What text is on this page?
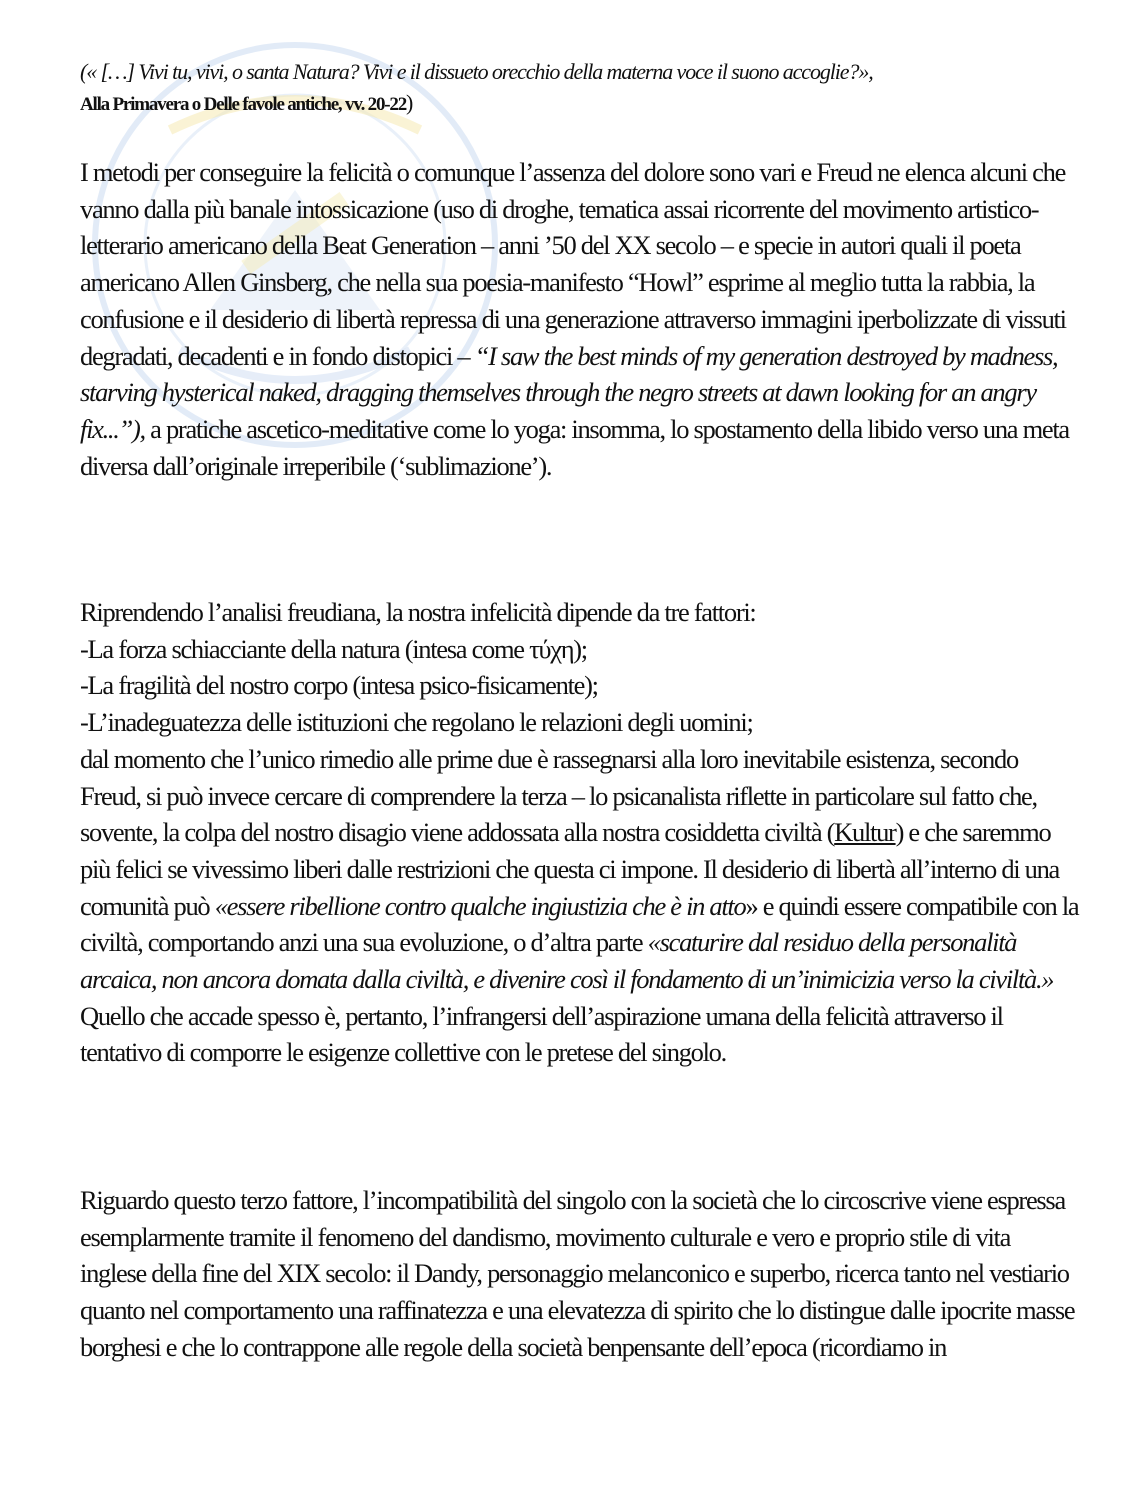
(« […] Vivi tu, vivi, o santa Natura? Vivi e il dissueto orecchio della materna voce il suono accoglie?»,
Alla Primavera o Delle favole antiche, vv. 20-22)

I metodi per conseguire la felicità o comunque l’assenza del dolore sono vari e Freud ne elenca alcuni che vanno dalla più banale intossicazione (uso di droghe, tematica assai ricorrente del movimento artistico-letterario americano della Beat Generation – anni ’50 del XX secolo – e specie in autori quali il poeta americano Allen Ginsberg, che nella sua poesia-manifesto “Howl” esprime al meglio tutta la rabbia, la confusione e il desiderio di libertà repressa di una generazione attraverso immagini iperbolizzate di vissuti degradati, decadenti e in fondo distopici – “I saw the best minds of my generation destroyed by madness, starving hysterical naked, dragging themselves through the negro streets at dawn looking for an angry fix...”), a pratiche ascetico-meditative come lo yoga: insomma, lo spostamento della libido verso una meta diversa dall’originale irreperibile (‘sublimazione’).

Riprendendo l’analisi freudiana, la nostra infelicità dipende da tre fattori:
-La forza schiacciante della natura (intesa come τύχη);
-La fragilità del nostro corpo (intesa psico-fisicamente);
-L’inadeguatezza delle istituzioni che regolano le relazioni degli uomini;
dal momento che l’unico rimedio alle prime due è rassegnarsi alla loro inevitabile esistenza, secondo Freud, si può invece cercare di comprendere la terza – lo psicanalista riflette in particolare sul fatto che, sovente, la colpa del nostro disagio viene addossata alla nostra cosiddetta civiltà (Kultur) e che saremmo più felici se vivessimo liberi dalle restrizioni che questa ci impone. Il desiderio di libertà all’interno di una comunità può «essere ribellione contro qualche ingiustizia che è in atto» e quindi essere compatibile con la civiltà, comportando anzi una sua evoluzione, o d’altra parte «scaturire dal residuo della personalità arcaica, non ancora domata dalla civiltà, e divenire così il fondamento di un’inimicizia verso la civiltà.» Quello che accade spesso è, pertanto, l’infrangersi dell’aspirazione umana della felicità attraverso il tentativo di comporre le esigenze collettive con le pretese del singolo.

Riguardo questo terzo fattore, l’incompatibilità del singolo con la società che lo circoscrive viene espressa esemplarmente tramite il fenomeno del dandismo, movimento culturale e vero e proprio stile di vita inglese della fine del XIX secolo: il Dandy, personaggio melanconico e superbo, ricerca tanto nel vestiario quanto nel comportamento una raffinatezza e una elevatezza di spirito che lo distingue dalle ipocrite masse borghesi e che lo contrappone alle regole della società benpensante dell’epoca (ricordiamo in
